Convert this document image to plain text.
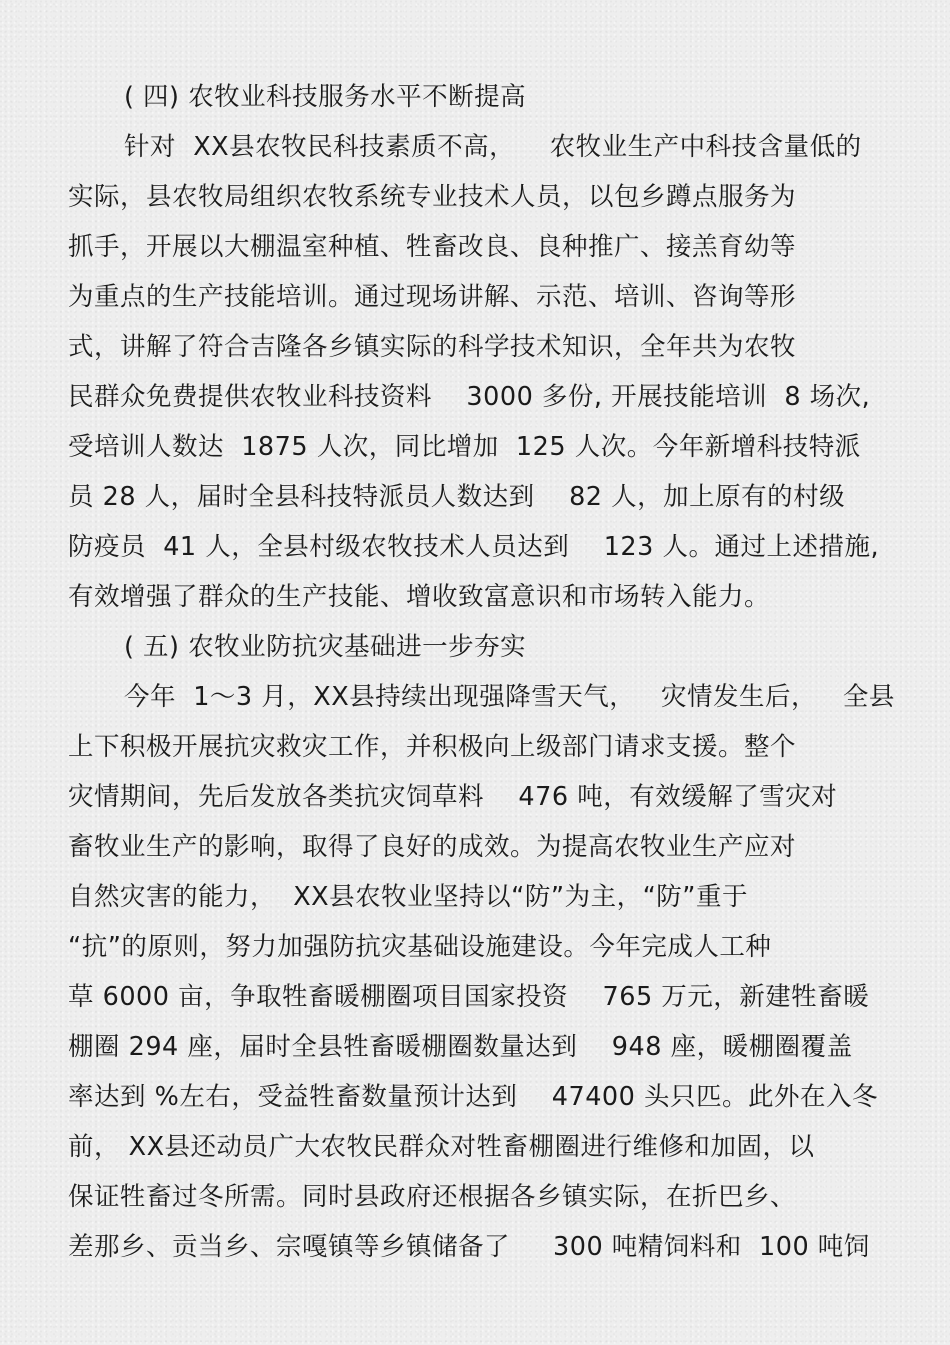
( 四) 农牧业科技服务水平不断提高
针对  XX县农牧民科技素质不高，    农牧业生产中科技含量低的
实际，县农牧局组织农牧系统专业技术人员，以包乡蹲点服务为
抓手，开展以大棚温室种植、牲畜改良、良种推广、接羔育幼等
为重点的生产技能培训。通过现场讲解、示范、培训、咨询等形
式，讲解了符合吉隆各乡镇实际的科学技术知识，全年共为农牧
民群众免费提供农牧业科技资料    3000 多份, 开展技能培训  8 场次,
受培训人数达  1875 人次，同比增加  125 人次。今年新增科技特派
员 28 人，届时全县科技特派员人数达到    82 人，加上原有的村级
防疫员  41 人，全县村级农牧技术人员达到    123 人。通过上述措施,
有效增强了群众的生产技能、增收致富意识和市场转入能力。
( 五) 农牧业防抗灾基础进一步夯实
今年  1～3 月，XX县持续出现强降雪天气，   灾情发生后，   全县
上下积极开展抗灾救灾工作，并积极向上级部门请求支援。整个
灾情期间，先后发放各类抗灾饲草料    476 吨，有效缓解了雪灾对
畜牧业生产的影响，取得了良好的成效。为提高农牧业生产应对
自然灾害的能力，  XX县农牧业坚持以“防”为主，“防”重于
“抗”的原则，努力加强防抗灾基础设施建设。今年完成人工种
草 6000 亩，争取牲畜暖棚圈项目国家投资    765 万元，新建牲畜暖
棚圈 294 座，届时全县牲畜暖棚圈数量达到    948 座，暖棚圈覆盖
率达到 %左右，受益牲畜数量预计达到    47400 头只匹。此外在入冬
前， XX县还动员广大农牧民群众对牲畜棚圈进行维修和加固，以
保证牲畜过冬所需。同时县政府还根据各乡镇实际，在折巴乡、
差那乡、贡当乡、宗嘎镇等乡镇储备了     300 吨精饲料和  100 吨饲
